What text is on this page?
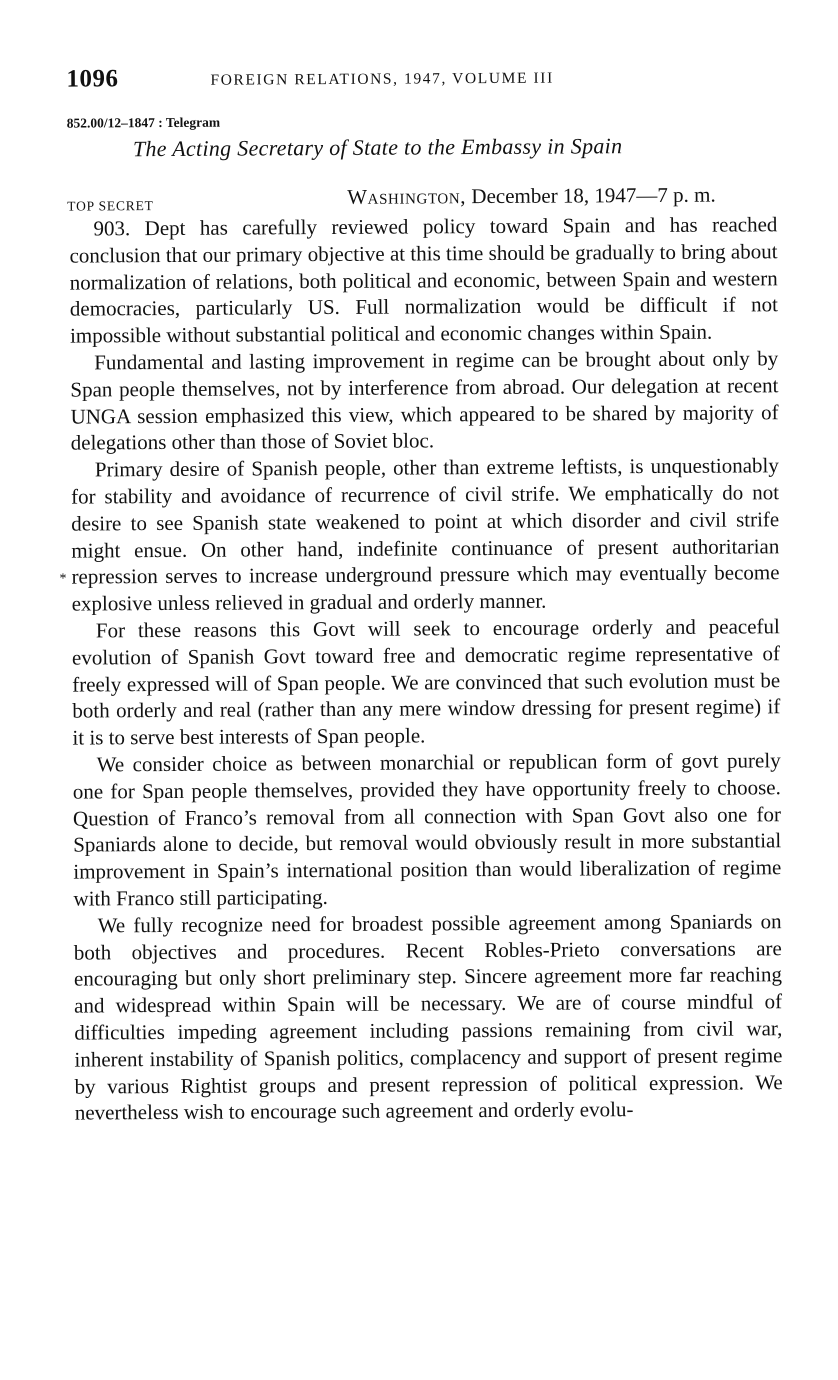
1096	FOREIGN RELATIONS, 1947, VOLUME III
852.00/12–1847 : Telegram
The Acting Secretary of State to the Embassy in Spain
TOP SECRET	Washington, December 18, 1947—7 p. m.
*

903. Dept has carefully reviewed policy toward Spain and has reached conclusion that our primary objective at this time should be gradually to bring about normalization of relations, both political and economic, between Spain and western democracies, particularly US. Full normalization would be difficult if not impossible without substantial political and economic changes within Spain.

Fundamental and lasting improvement in regime can be brought about only by Span people themselves, not by interference from abroad. Our delegation at recent UNGA session emphasized this view, which appeared to be shared by majority of delegations other than those of Soviet bloc.

Primary desire of Spanish people, other than extreme leftists, is unquestionably for stability and avoidance of recurrence of civil strife. We emphatically do not desire to see Spanish state weakened to point at which disorder and civil strife might ensue. On other hand, indefinite continuance of present authoritarian repression serves to increase underground pressure which may eventually become explosive unless relieved in gradual and orderly manner.

For these reasons this Govt will seek to encourage orderly and peaceful evolution of Spanish Govt toward free and democratic regime representative of freely expressed will of Span people. We are convinced that such evolution must be both orderly and real (rather than any mere window dressing for present regime) if it is to serve best interests of Span people.

We consider choice as between monarchial or republican form of govt purely one for Span people themselves, provided they have opportunity freely to choose. Question of Franco’s removal from all connection with Span Govt also one for Spaniards alone to decide, but removal would obviously result in more substantial improvement in Spain’s international position than would liberalization of regime with Franco still participating.

We fully recognize need for broadest possible agreement among Spaniards on both objectives and procedures. Recent Robles-Prieto conversations are encouraging but only short preliminary step. Sincere agreement more far reaching and widespread within Spain will be necessary. We are of course mindful of difficulties impeding agreement including passions remaining from civil war, inherent instability of Spanish politics, complacency and support of present regime by various Rightist groups and present repression of political expression. We nevertheless wish to encourage such agreement and orderly evolu-
